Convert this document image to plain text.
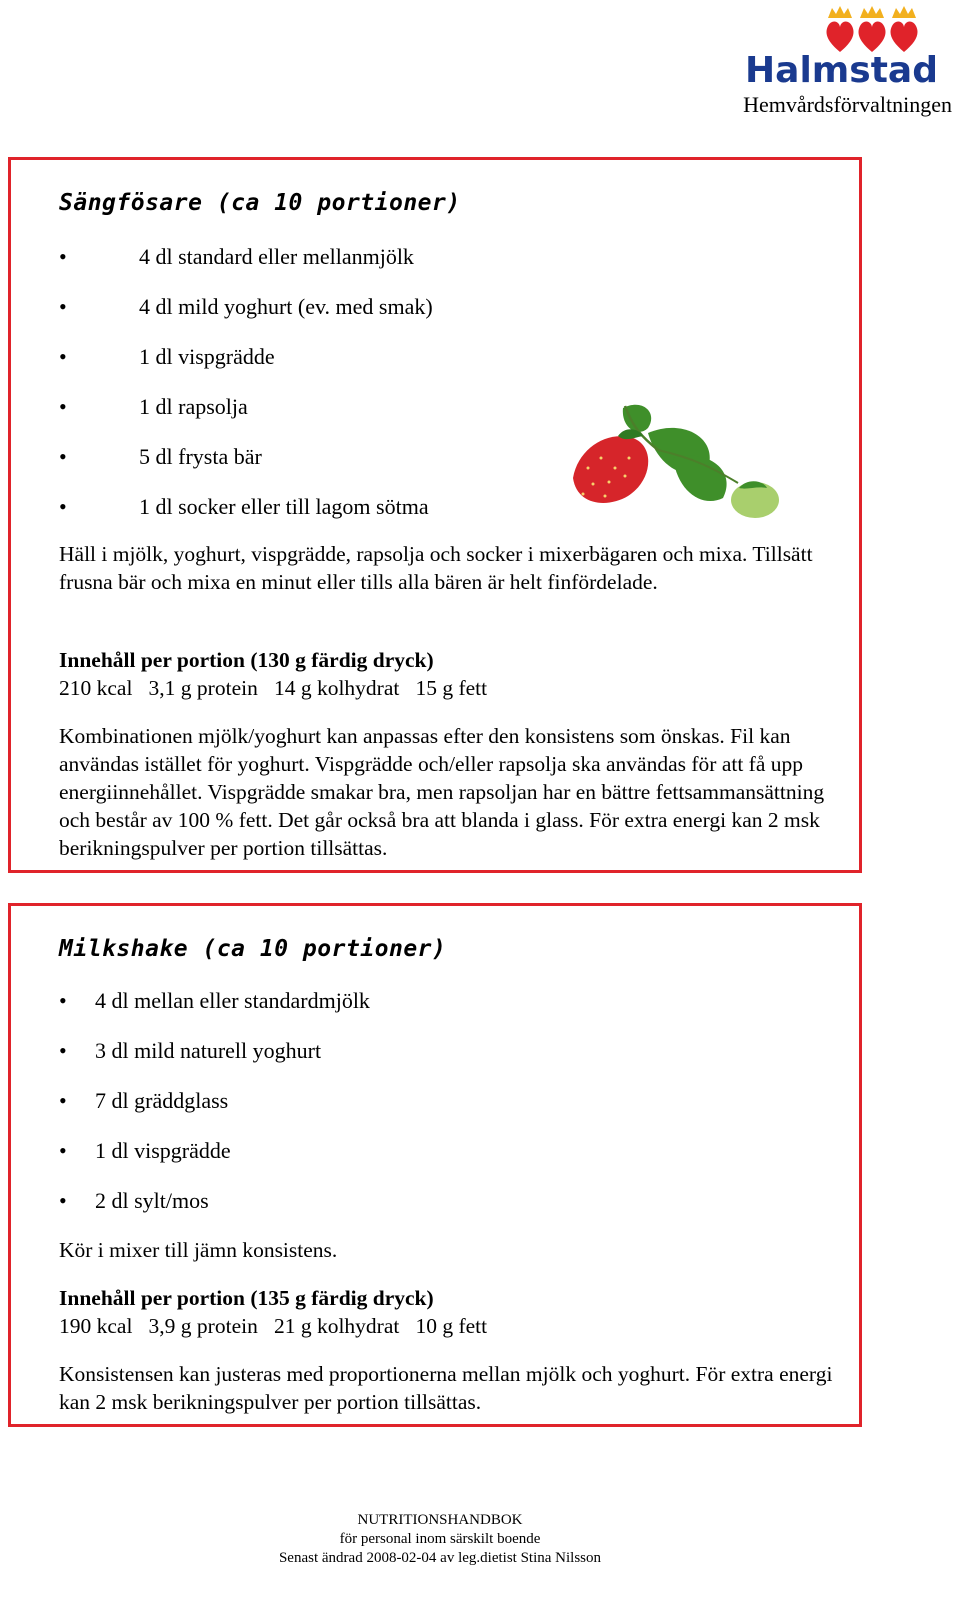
Halmstad
Hemvårdsförvaltningen
Sängfösare (ca 10 portioner)
•	4 dl standard eller mellanmjölk
•	4 dl mild yoghurt (ev. med smak)
•	1 dl vispgrädde
•	1 dl rapsolja
•	5 dl frysta bär
•	1 dl socker eller till lagom sötma

Häll i mjölk, yoghurt, vispgrädde, rapsolja och socker i mixerbägaren och mixa. Tillsätt frusna bär och mixa en minut eller tills alla bären är helt finfördelade.

Innehåll per portion (130 g färdig dryck)
210 kcal   3,1 g protein   14 g kolhydrat   15 g fett

Kombinationen mjölk/yoghurt kan anpassas efter den konsistens som önskas. Fil kan användas istället för yoghurt. Vispgrädde och/eller rapsolja ska användas för att få upp energiinnehållet. Vispgrädde smakar bra, men rapsoljan har en bättre fettsammansättning och består av 100 % fett. Det går också bra att blanda i glass. För extra energi kan 2 msk berikningspulver per portion tillsättas.

Milkshake (ca 10 portioner)
• 4 dl mellan eller standardmjölk
• 3 dl mild naturell yoghurt
• 7 dl gräddglass
• 1 dl vispgrädde
• 2 dl sylt/mos

Kör i mixer till jämn konsistens.

Innehåll per portion (135 g färdig dryck)
190 kcal   3,9 g protein   21 g kolhydrat   10 g fett

Konsistensen kan justeras med proportionerna mellan mjölk och yoghurt. För extra energi kan 2 msk berikningspulver per portion tillsättas.

NUTRITIONSHANDBOK
för personal inom särskilt boende
Senast ändrad 2008-02-04 av leg.dietist Stina Nilsson
